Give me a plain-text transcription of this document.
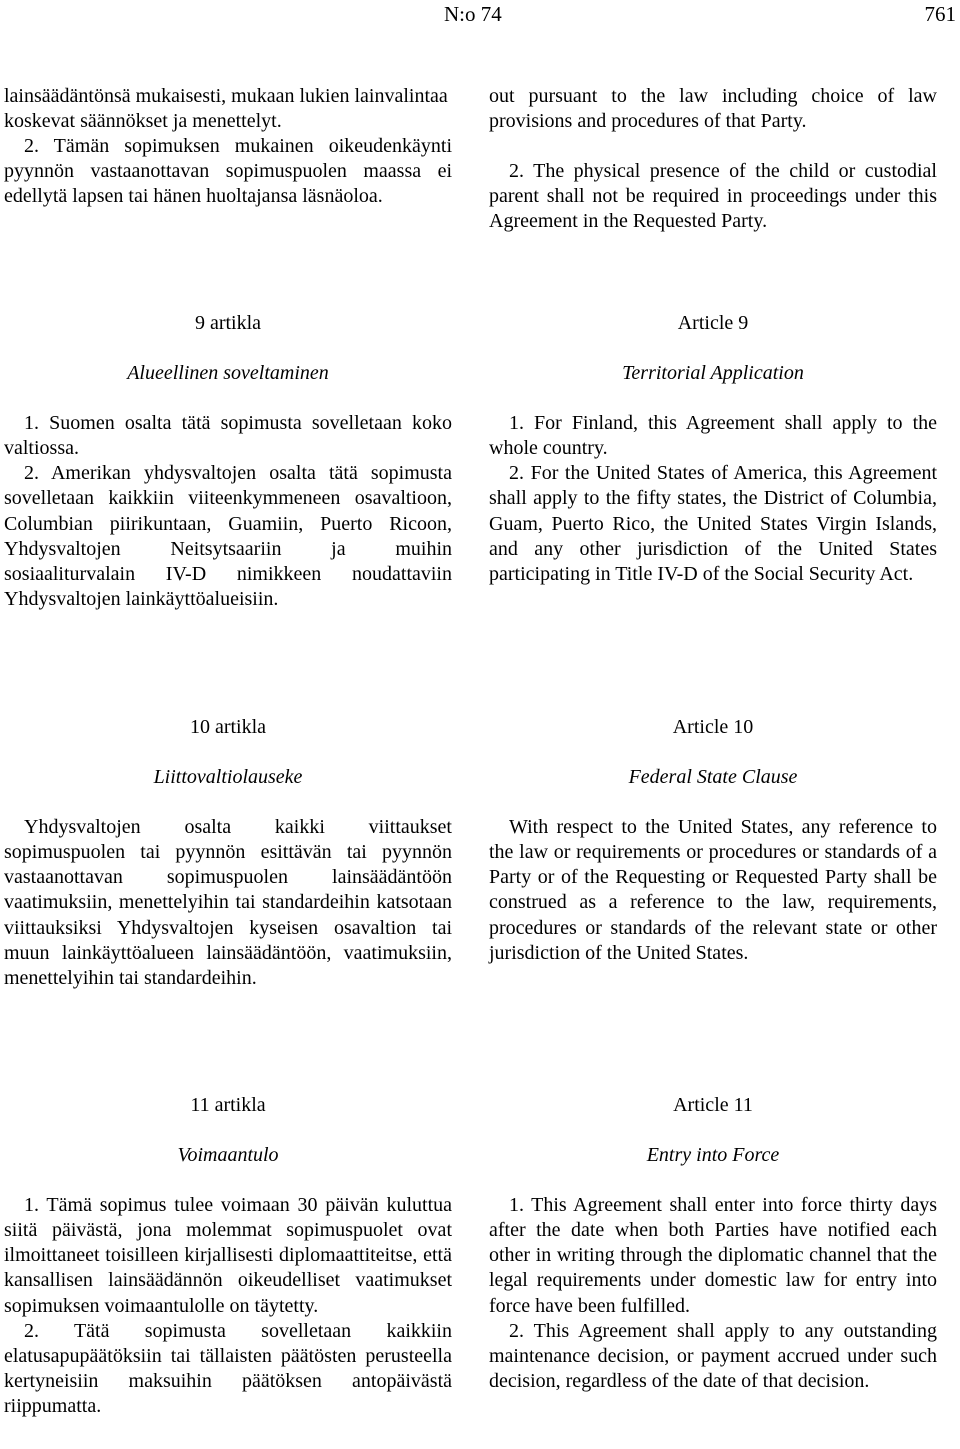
N:o 74	761

lainsäädäntönsä mukaisesti, mukaan lukien lainvalintaa koskevat säännökset ja menettelyt.

2. Tämän sopimuksen mukainen oikeudenkäynti pyynnön vastaanottavan sopimuspuolen maassa ei edellytä lapsen tai hänen huoltajansa läsnäoloa.

out pursuant to the law including choice of law provisions and procedures of that Party.

2. The physical presence of the child or custodial parent shall not be required in proceedings under this Agreement in the Requested Party.

9 artikla

Alueellinen soveltaminen

1. Suomen osalta tätä sopimusta sovelletaan koko valtiossa.

2. Amerikan yhdysvaltojen osalta tätä sopimusta sovelletaan kaikkiin viiteenkymmeneen osavaltioon, Columbian piirikuntaan, Guamiin, Puerto Ricoon, Yhdysvaltojen Neitsytsaariin ja muihin sosiaaliturvalain IV-D nimikkeen noudattaviin Yhdysvaltojen lainkäyttöalueisiin.

Article 9

Territorial Application

1. For Finland, this Agreement shall apply to the whole country.

2. For the United States of America, this Agreement shall apply to the fifty states, the District of Columbia, Guam, Puerto Rico, the United States Virgin Islands, and any other jurisdiction of the United States participating in Title IV-D of the Social Security Act.

10 artikla

Liittovaltiolauseke

Yhdysvaltojen osalta kaikki viittaukset sopimuspuolen tai pyynnön esittävän tai pyynnön vastaanottavan sopimuspuolen lainsäädäntöön vaatimuksiin, menettelyihin tai standardeihin katsotaan viittauksiksi Yhdysvaltojen kyseisen osavaltion tai muun lainkäyttöalueen lainsäädäntöön, vaatimuksiin, menettelyihin tai standardeihin.

Article 10

Federal State Clause

With respect to the United States, any reference to the law or requirements or procedures or standards of a Party or of the Requesting or Requested Party shall be construed as a reference to the law, requirements, procedures or standards of the relevant state or other jurisdiction of the United States.

11 artikla

Voimaantulo

1. Tämä sopimus tulee voimaan 30 päivän kuluttua siitä päivästä, jona molemmat sopimuspuolet ovat ilmoittaneet toisilleen kirjallisesti diplomaattiteitse, että kansallisen lainsäädännön oikeudelliset vaatimukset sopimuksen voimaantulolle on täytetty.

2. Tätä sopimusta sovelletaan kaikkiin elatusapupäätöksiin tai tällaisten päätösten perusteella kertyneisiin maksuihin päätöksen antopäivästä riippumatta.

Article 11

Entry into Force

1. This Agreement shall enter into force thirty days after the date when both Parties have notified each other in writing through the diplomatic channel that the legal requirements under domestic law for entry into force have been fulfilled.

2. This Agreement shall apply to any outstanding maintenance decision, or payment accrued under such decision, regardless of the date of that decision.
